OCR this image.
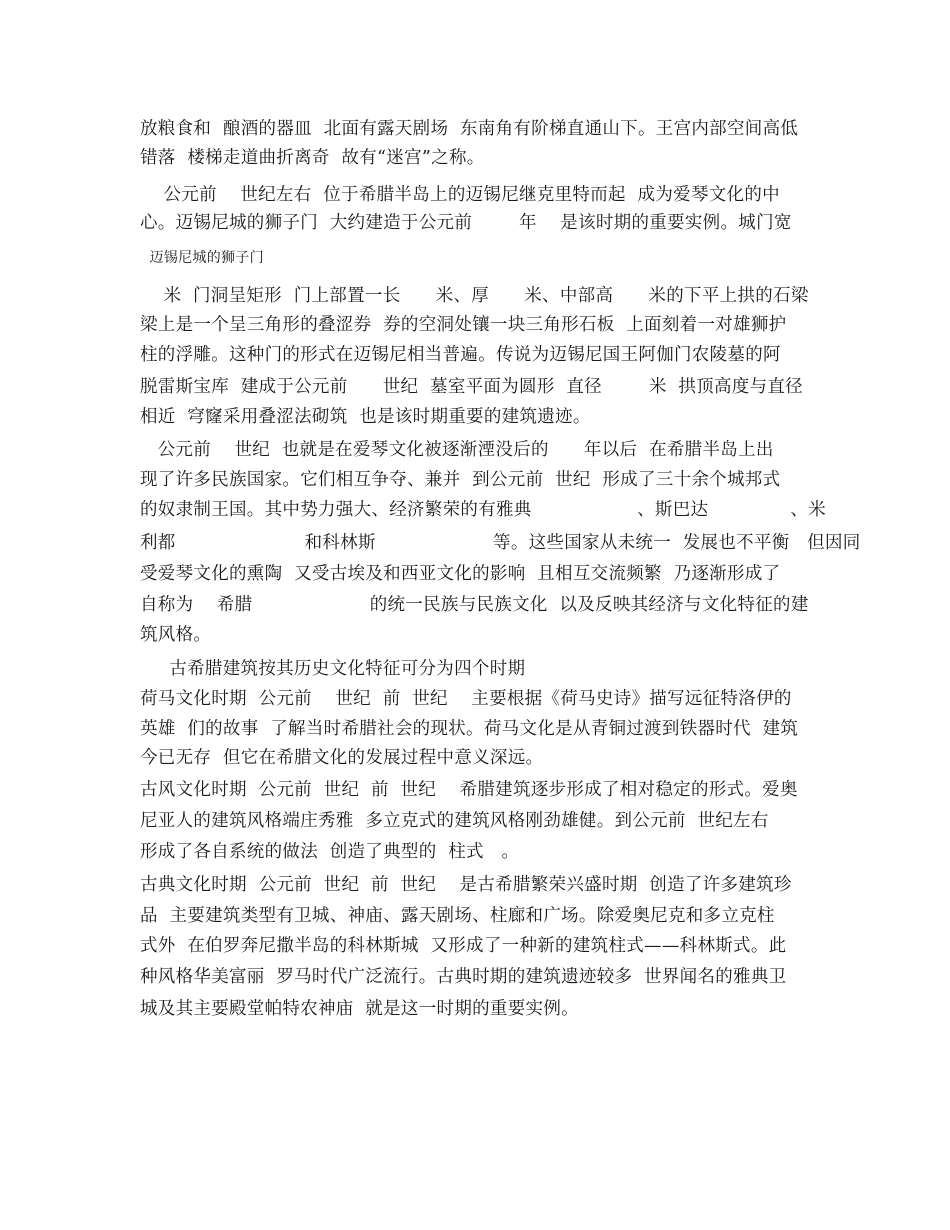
放粮食和  酿酒的器皿  北面有露天剧场  东南角有阶梯直通山下。王宫内部空间高低
错落  楼梯走道曲折离奇  故有“迷宫”之称。
公元前    世纪左右  位于希腊半岛上的迈锡尼继克里特而起  成为爱琴文化的中
心。迈锡尼城的狮子门  大约建造于公元前        年    是该时期的重要实例。城门宽
迈锡尼城的狮子门
米  门洞呈矩形  门上部置一长      米、厚      米、中部高      米的下平上拱的石梁
梁上是一个呈三角形的叠涩券  券的空洞处镶一块三角形石板  上面刻着一对雄狮护
柱的浮雕。这种门的形式在迈锡尼相当普遍。传说为迈锡尼国王阿伽门农陵墓的阿
脱雷斯宝库  建成于公元前      世纪  墓室平面为圆形  直径        米  拱顶高度与直径
相近  穹窿采用叠涩法砌筑  也是该时期重要的建筑遗迹。
公元前    世纪  也就是在爱琴文化被逐渐湮没后的      年以后  在希腊半岛上出
现了许多民族国家。它们相互争夺、兼并  到公元前  世纪  形成了三十余个城邦式
的奴隶制王国。其中势力强大、经济繁荣的有雅典                  、斯巴达              、米
利都                      和科林斯                    等。这些国家从未统一  发展也不平衡   但因同
受爱琴文化的熏陶  又受古埃及和西亚文化的影响  且相互交流频繁  乃逐渐形成了
自称为    希腊                    的统一民族与民族文化  以及反映其经济与文化特征的建
筑风格。
古希腊建筑按其历史文化特征可分为四个时期
荷马文化时期  公元前    世纪  前  世纪    主要根据《荷马史诗》描写远征特洛伊的
英雄  们的故事  了解当时希腊社会的现状。荷马文化是从青铜过渡到铁器时代  建筑
今已无存  但它在希腊文化的发展过程中意义深远。
古风文化时期  公元前  世纪  前  世纪    希腊建筑逐步形成了相对稳定的形式。爱奥
尼亚人的建筑风格端庄秀雅  多立克式的建筑风格刚劲雄健。到公元前  世纪左右
形成了各自系统的做法  创造了典型的  柱式   。
古典文化时期  公元前  世纪  前  世纪    是古希腊繁荣兴盛时期  创造了许多建筑珍
品  主要建筑类型有卫城、神庙、露天剧场、柱廊和广场。除爱奥尼克和多立克柱
式外  在伯罗奔尼撒半岛的科林斯城  又形成了一种新的建筑柱式——科林斯式。此
种风格华美富丽  罗马时代广泛流行。古典时期的建筑遗迹较多  世界闻名的雅典卫
城及其主要殿堂帕特农神庙  就是这一时期的重要实例。
